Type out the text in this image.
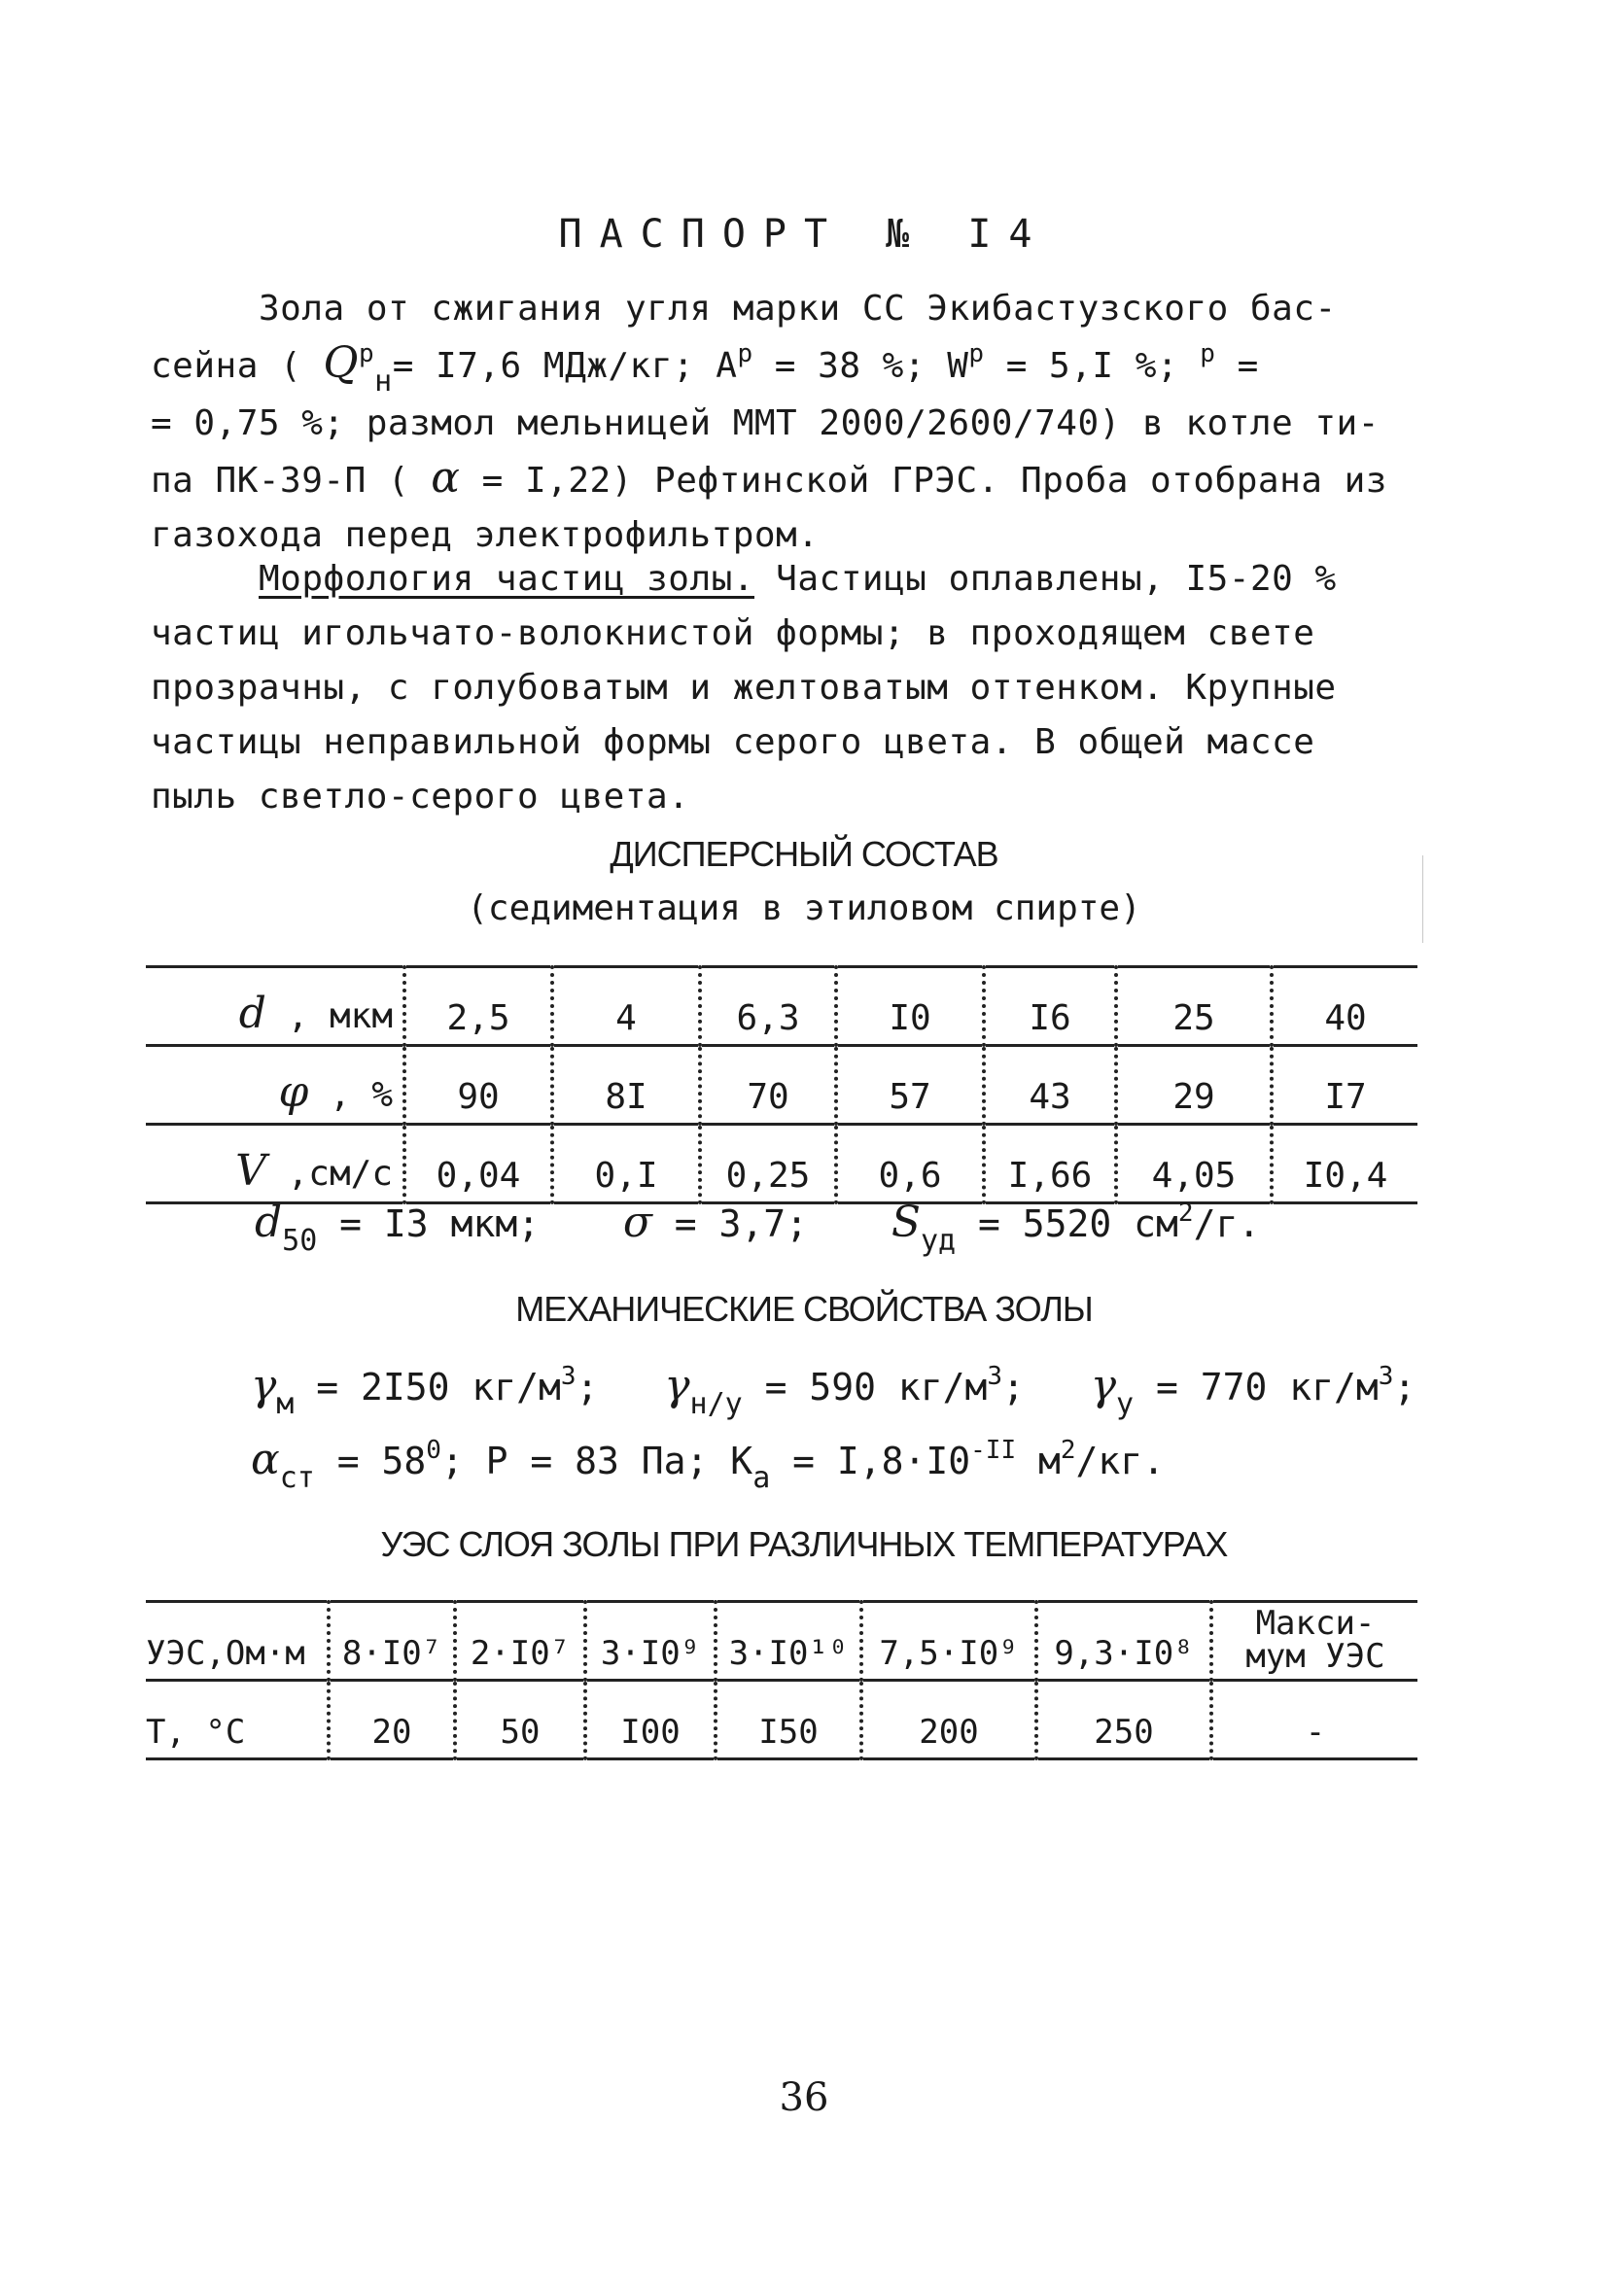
ПАСПОРТ № I4
Зола от сжигания угля марки СС Экибастузского бас-
сейна ( $Q^р_н= I7,6$ МДж/кг; $A^р = 38$ %; $W^р = 5,I$ %; $^р$ =
= 0,75 %; размол мельницей ММТ 2000/2600/740) в котле ти-
па ПК-39-П ( α = I,22) Рефтинской ГРЭС. Проба отобрана из
газохода перед электрофильтром.
Морфология частиц золы. Частицы оплавлены, I5-20 %
частиц игольчато-волокнистой формы; в проходящем свете
прозрачны, с голубоватым и желтоватым оттенком. Крупные
частицы неправильной формы серого цвета. В общей массе
пыль светло-серого цвета.
ДИСПЕРСНЫЙ СОСТАВ
(седиментация в этиловом спирте)
d , мкм	2,5	4	6,3	I0	I6	25	40
φ , %	90	8I	70	57	43	29	I7
V ,см/с	0,04	0,I	0,25	0,6	I,66	4,05	I0,4
$d_{50} = I3$ мкм; σ = 3,7; $S_{уд} = 5520$ $см^2/г$.
МЕХАНИЧЕСКИЕ СВОЙСТВА ЗОЛЫ
$\gamma_м = 2I50$ $кг/м^3$; $\gamma_{н/у} = 590$ $кг/м^3$; $\gamma_у = 770$ $кг/м^3$;
$\alpha_{ст} = 58^0$; P = 83 Па; $K_а = I,8\cdot I0^{-II}$ $м^2/кг$.
УЭС СЛОЯ ЗОЛЫ ПРИ РАЗЛИЧНЫХ ТЕМПЕРАТУРАХ
УЭС,Ом·м	8·I0⁷	2·I0⁷	3·I0⁹	3·I0¹⁰	7,5·I0⁹	9,3·I0⁸	Макси-
мум УЭС
T, °C	20	50	I00	I50	200	250	-
36
